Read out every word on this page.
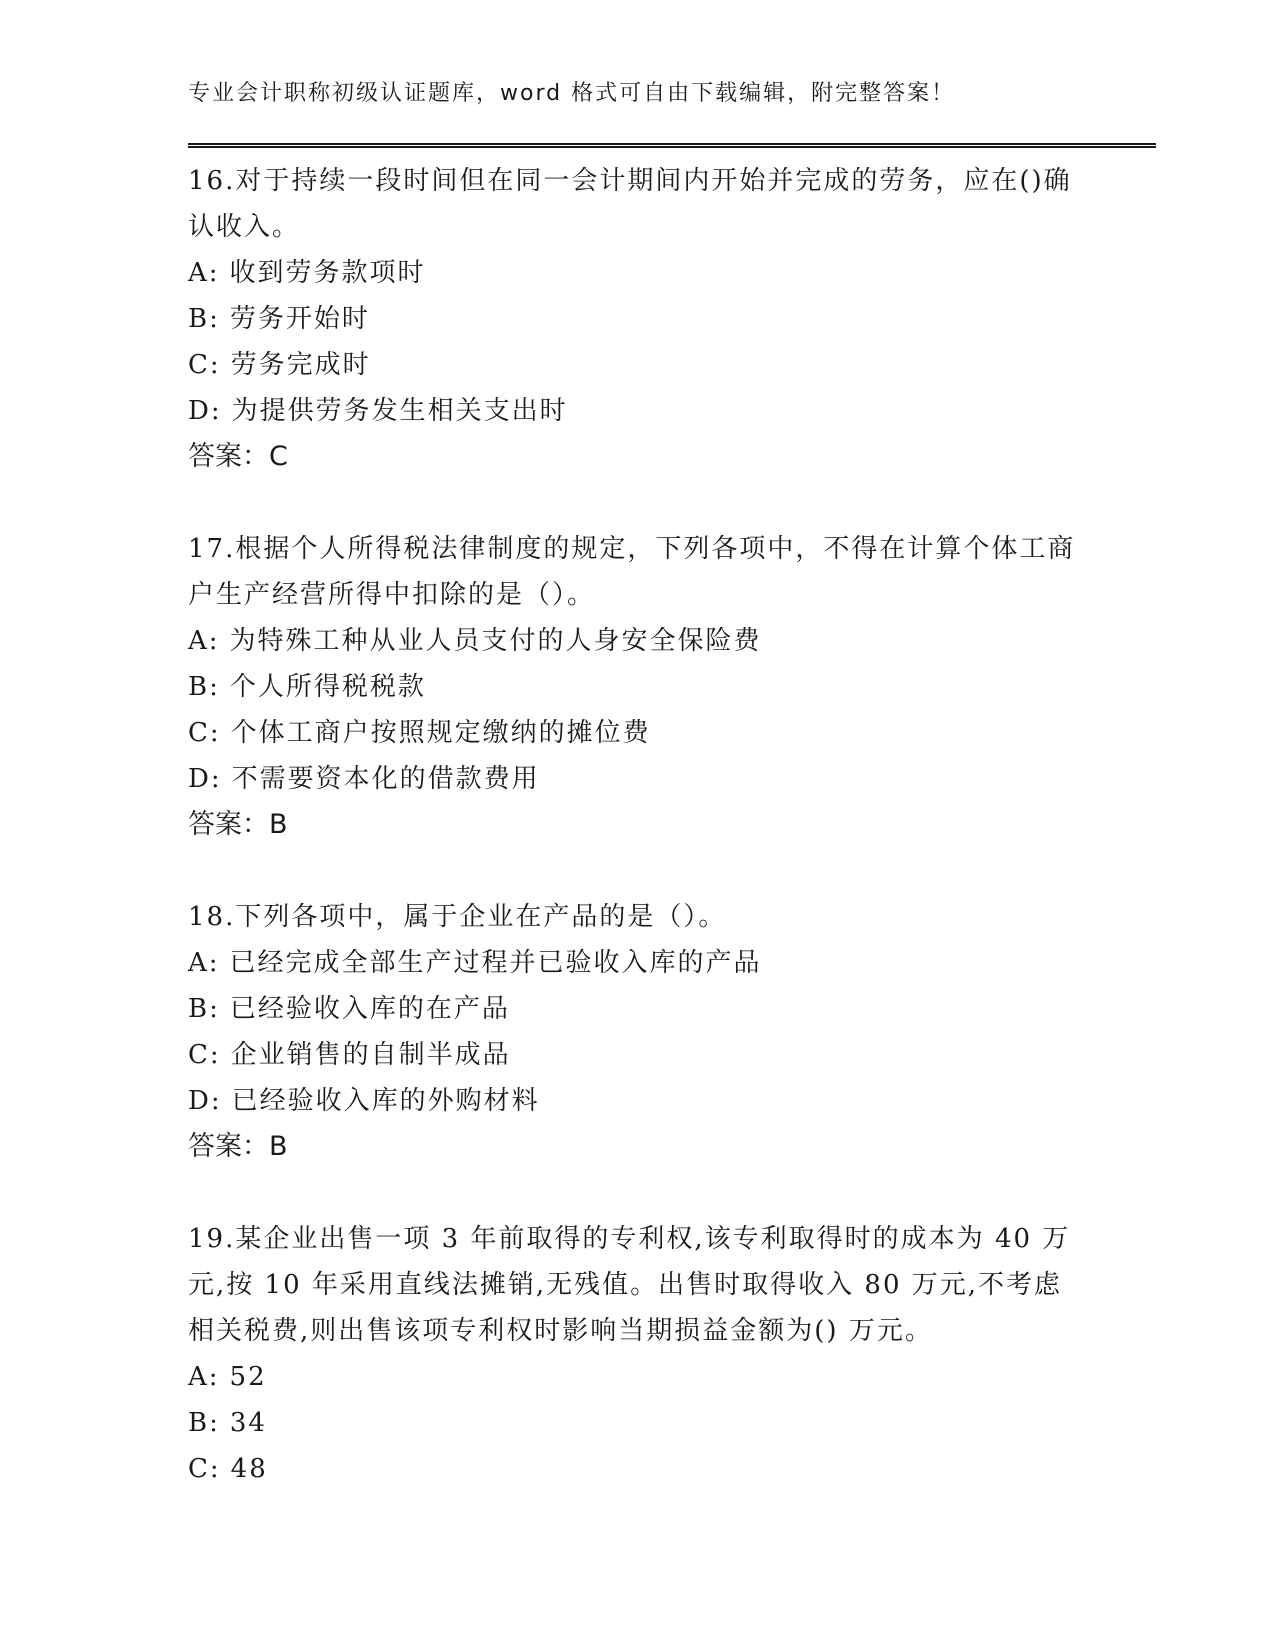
专业会计职称初级认证题库，word 格式可自由下载编辑，附完整答案！

16.对于持续一段时间但在同一会计期间内开始并完成的劳务，应在()确认收入。

A: 收到劳务款项时

B: 劳务开始时

C: 劳务完成时

D: 为提供劳务发生相关支出时

答案：C

17.根据个人所得税法律制度的规定，下列各项中，不得在计算个体工商户生产经营所得中扣除的是（）。

A: 为特殊工种从业人员支付的人身安全保险费

B: 个人所得税税款

C: 个体工商户按照规定缴纳的摊位费

D: 不需要资本化的借款费用

答案：B

18.下列各项中，属于企业在产品的是（）。

A: 已经完成全部生产过程并已验收入库的产品

B: 已经验收入库的在产品

C: 企业销售的自制半成品

D: 已经验收入库的外购材料

答案：B

19.某企业出售一项 3 年前取得的专利权,该专利取得时的成本为 40 万元,按 10 年采用直线法摊销,无残值。出售时取得收入 80 万元,不考虑相关税费,则出售该项专利权时影响当期损益金额为() 万元。

A: 52

B: 34

C: 48
